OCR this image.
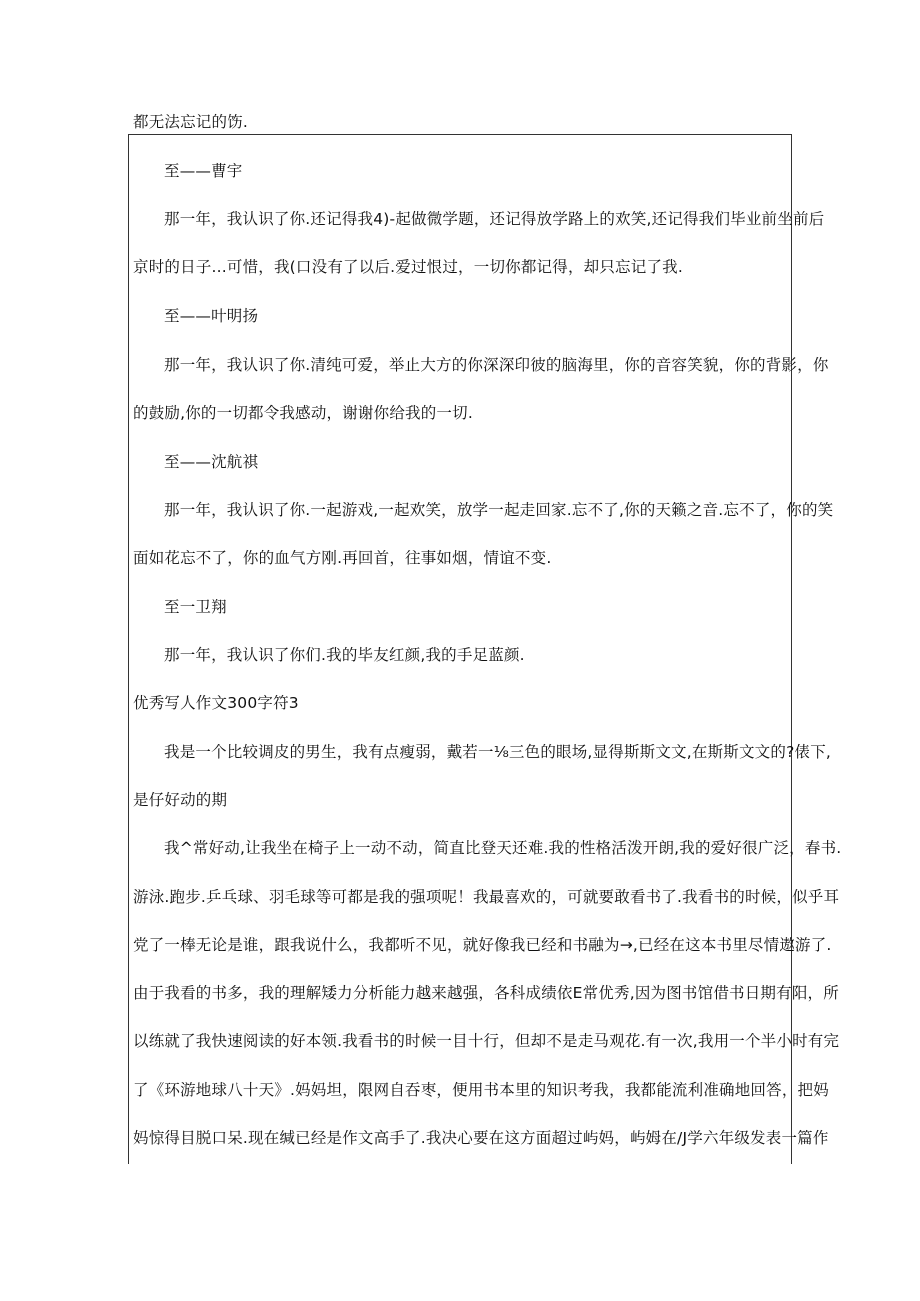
都无法忘记的饬.
至——曹宇
那一年，我认识了你.还记得我4)-起做微学题，还记得放学路上的欢笑,还记得我们毕业前坐前后
京时的日子...可惜，我(口没有了以后.爱过恨过，一切你都记得，却只忘记了我.
至——叶明扬
那一年，我认识了你.清纯可爱，举止大方的你深深印彼的脑海里，你的音容笑貌，你的背影，你
的鼓励,你的一切都令我感动，谢谢你给我的一切.
至——沈航祺
那一年，我认识了你.一起游戏,一起欢笑，放学一起走回家.忘不了,你的天籁之音.忘不了，你的笑
面如花忘不了，你的血气方刚.再回首，往事如烟，情谊不变.
至一卫翔
那一年，我认识了你们.我的毕友红颜,我的手足蓝颜.
优秀写人作文300字符3
我是一个比较调皮的男生，我有点瘦弱，戴若一⅛三色的眼场,显得斯斯文文,在斯斯文文的?俵下,
是仔好动的期
我^常好动,让我坐在椅子上一动不动，简直比登天还难.我的性格活泼开朗,我的爱好很广泛，春书.
游泳.跑步.乒乓球、羽毛球等可都是我的强项呢！我最喜欢的，可就要敢看书了.我看书的时候，似乎耳
党了一棒无论是谁，跟我说什么，我都听不见，就好像我已经和书融为→,已经在这本书里尽情遨游了.
由于我看的书多，我的理解矮力分析能力越来越强，各科成绩依E常优秀,因为图书馆借书日期有阳，所
以练就了我快速阅读的好本领.我看书的时候一目十行，但却不是走马观花.有一次,我用一个半小时有完
了《环游地球八十天》.妈妈坦，限网自吞枣，便用书本里的知识考我，我都能流利准确地回答，把妈
妈惊得目脱口呆.现在缄已经是作文高手了.我决心要在这方面超过屿妈，屿姆在/J学六年级发表一篇作
